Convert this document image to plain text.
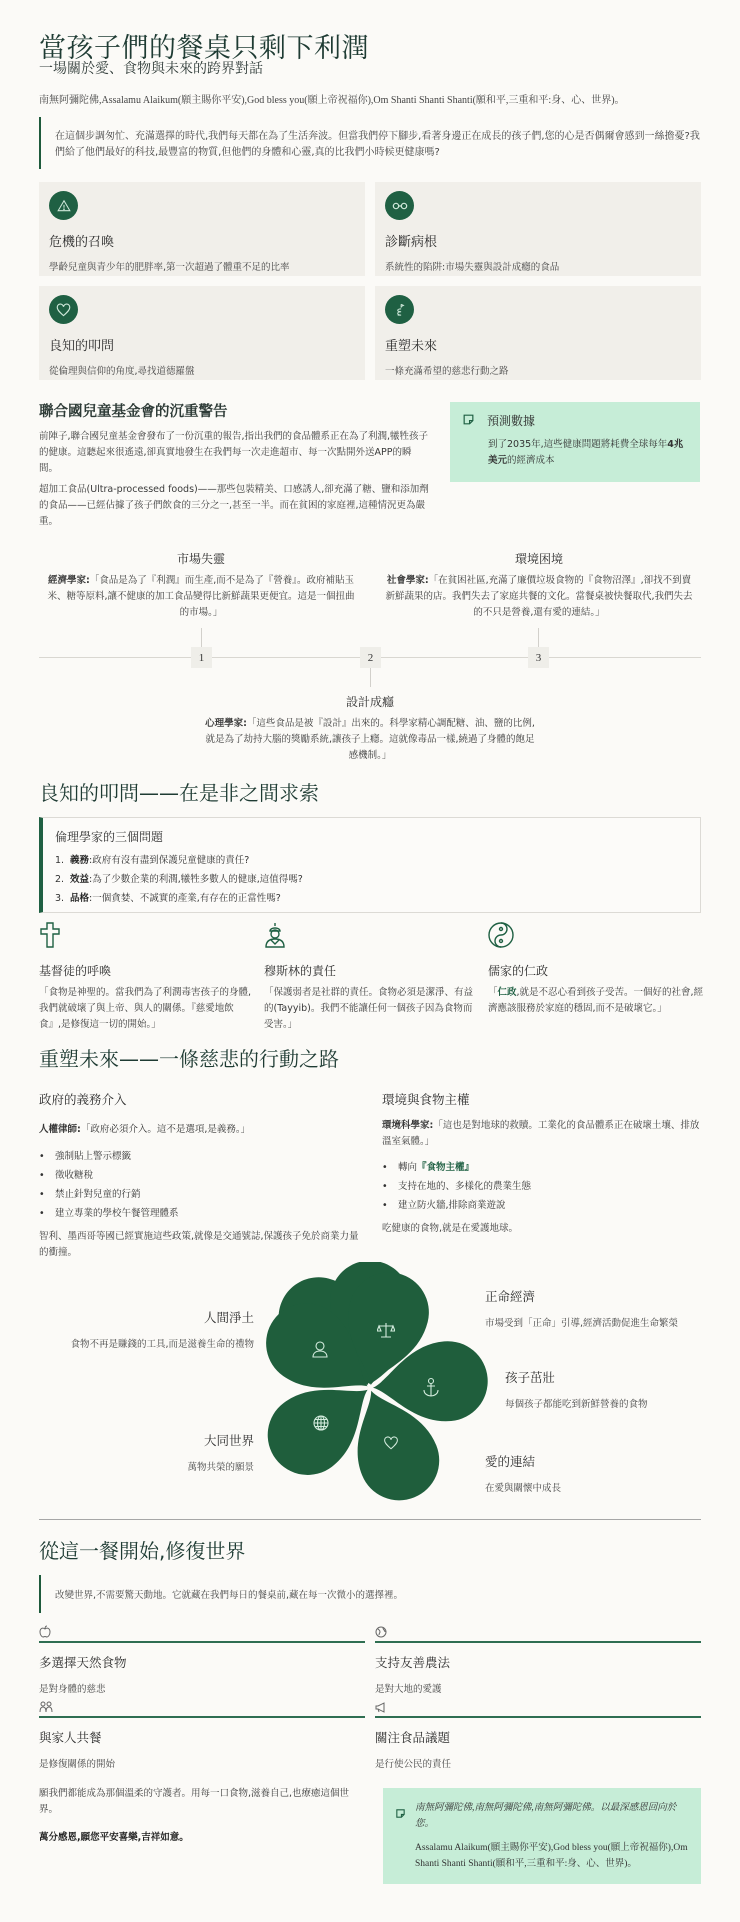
當孩子們的餐桌只剩下利潤
一場關於愛、食物與未來的跨界對話
南無阿彌陀佛,Assalamu Alaikum(願主賜你平安),God bless you(願上帝祝福你),Om Shanti Shanti Shanti(願和平,三重和平:身、心、世界)。
在這個步調匆忙、充滿選擇的時代,我們每天都在為了生活奔波。但當我們停下腳步,看著身邊正在成長的孩子們,您的心是否偶爾會感到一絲擔憂?我們給了他們最好的科技,最豐富的物質,但他們的身體和心靈,真的比我們小時候更健康嗎?
危機的召喚
學齡兒童與青少年的肥胖率,第一次超過了體重不足的比率
診斷病根
系統性的陷阱:市場失靈與設計成癮的食品
良知的叩問
從倫理與信仰的角度,尋找道德羅盤
重塑未來
一條充滿希望的慈悲行動之路
聯合國兒童基金會的沉重警告

前陣子,聯合國兒童基金會發布了一份沉重的報告,指出我們的食品體系正在為了利潤,犧牲孩子的健康。這聽起來很遙遠,卻真實地發生在我們每一次走進超市、每一次點開外送APP的瞬間。

超加工食品(Ultra-processed foods)——那些包裝精美、口感誘人,卻充滿了糖、鹽和添加劑的食品——已經佔據了孩子們飲食的三分之一,甚至一半。而在貧困的家庭裡,這種情況更為嚴重。

預測數據
到了2035年,這些健康問題將耗費全球每年4兆美元的經濟成本
市場失靈
經濟學家:「食品是為了『利潤』而生產,而不是為了『營養』。政府補貼玉米、糖等原料,讓不健康的加工食品變得比新鮮蔬果更便宜。這是一個扭曲的市場。」
環境困境
社會學家:「在貧困社區,充滿了廉價垃圾食物的『食物沼澤』,卻找不到賣新鮮蔬果的店。我們失去了家庭共餐的文化。當餐桌被快餐取代,我們失去的不只是營養,還有愛的連結。」
1	2	3
設計成癮
心理學家:「這些食品是被『設計』出來的。科學家精心調配糖、油、鹽的比例,就是為了劫持大腦的獎勵系統,讓孩子上癮。這就像毒品一樣,繞過了身體的飽足感機制。」
良知的叩問——在是非之間求索
倫理學家的三個問題
1. 義務:政府有沒有盡到保護兒童健康的責任?
2. 效益:為了少數企業的利潤,犧牲多數人的健康,這值得嗎?
3. 品格:一個貪婪、不誠實的產業,有存在的正當性嗎?
基督徒的呼喚
「食物是神聖的。當我們為了利潤毒害孩子的身體,我們就破壞了與上帝、與人的關係。『慈愛地飲食』,是修復這一切的開始。」
穆斯林的責任
「保護弱者是社群的責任。食物必須是潔淨、有益的(Tayyib)。我們不能讓任何一個孩子因為食物而受害。」
儒家的仁政
「仁政,就是不忍心看到孩子受苦。一個好的社會,經濟應該服務於家庭的穩固,而不是破壞它。」
重塑未來——一條慈悲的行動之路
政府的義務介入
人權律師:「政府必須介入。這不是選項,是義務。」
• 強制貼上警示標籤
• 徵收糖稅
• 禁止針對兒童的行銷
• 建立專業的學校午餐管理體系
智利、墨西哥等國已經實施這些政策,就像是交通號誌,保護孩子免於商業力量的衝撞。
環境與食物主權
環境科學家:「這也是對地球的救贖。工業化的食品體系正在破壞土壤、排放溫室氣體。」
• 轉向『食物主權』
• 支持在地的、多樣化的農業生態
• 建立防火牆,排除商業遊說
吃健康的食物,就是在愛護地球。
人間淨土
食物不再是賺錢的工具,而是滋養生命的禮物
正命經濟
市場受到「正命」引導,經濟活動促進生命繁榮
孩子茁壯
每個孩子都能吃到新鮮營養的食物
愛的連結
在愛與關懷中成長
大同世界
萬物共榮的願景
從這一餐開始,修復世界
改變世界,不需要驚天動地。它就藏在我們每日的餐桌前,藏在每一次微小的選擇裡。
多選擇天然食物
是對身體的慈悲
支持友善農法
是對大地的愛護
與家人共餐
是修復關係的開始
關注食品議題
是行使公民的責任
願我們都能成為那個溫柔的守護者。用每一口食物,滋養自己,也療癒這個世界。
萬分感恩,願您平安喜樂,吉祥如意。
南無阿彌陀佛,南無阿彌陀佛,南無阿彌陀佛。以最深感恩回向於您。
Assalamu Alaikum(願主賜你平安),God bless you(願上帝祝福你),Om Shanti Shanti Shanti(願和平,三重和平:身、心、世界)。
